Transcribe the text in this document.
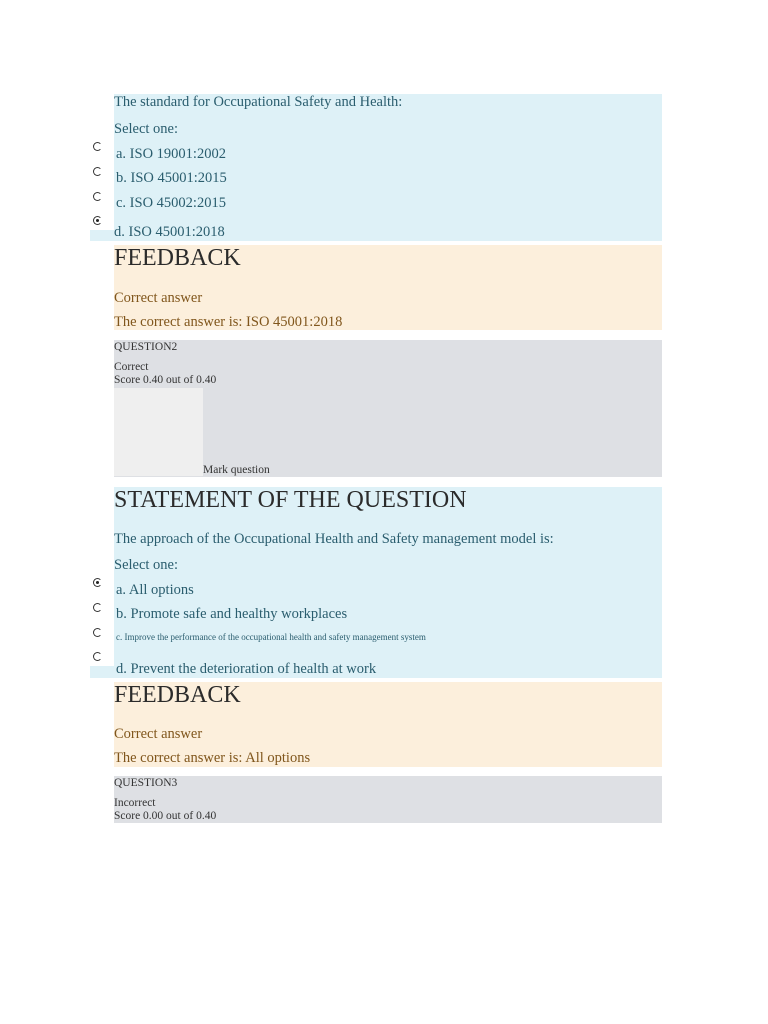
The standard for Occupational Safety and Health:
Select one:
a. ISO 19001:2002
b. ISO 45001:2015
c. ISO 45002:2015
d. ISO 45001:2018
FEEDBACK
Correct answer
The correct answer is: ISO 45001:2018
QUESTION2
Correct
Score 0.40 out of 0.40
Mark question
STATEMENT OF THE QUESTION
The approach of the Occupational Health and Safety management model is:
Select one:
a. All options
b. Promote safe and healthy workplaces
c. Improve the performance of the occupational health and safety management system
d. Prevent the deterioration of health at work
FEEDBACK
Correct answer
The correct answer is: All options
QUESTION3
Incorrect
Score 0.00 out of 0.40
